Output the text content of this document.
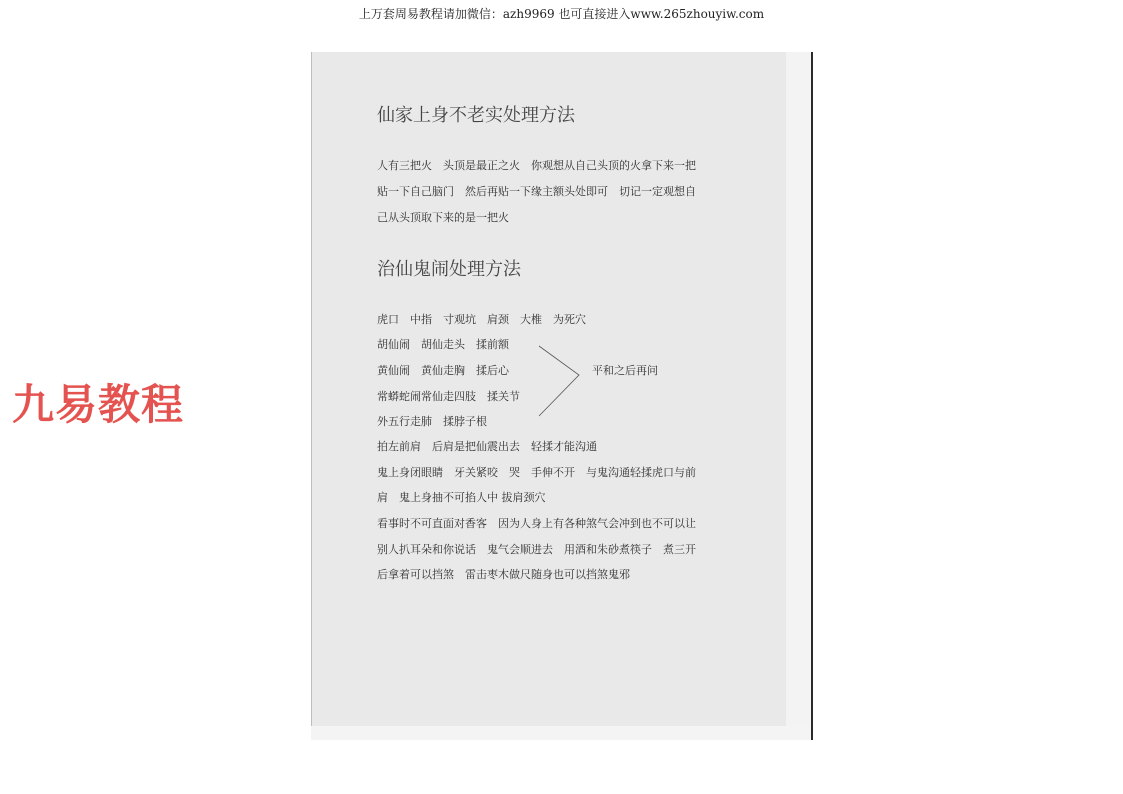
上万套周易教程请加微信：azh9969 也可直接进入www.265zhouyiw.com
九易教程
仙家上身不老实处理方法
人有三把火　头顶是最正之火　你观想从自己头顶的火拿下来一把
贴一下自己脑门　然后再贴一下缘主额头处即可　切记一定观想自
己从头顶取下来的是一把火
治仙鬼闹处理方法
虎口　中指　寸观坑　肩颈　大椎　为死穴
胡仙闹　胡仙走头　揉前额
黄仙闹　黄仙走胸　揉后心
常蟒蛇闹常仙走四肢　揉关节
外五行走肺　揉脖子根
拍左前肩　后肩是把仙震出去　轻揉才能沟通
鬼上身闭眼睛　牙关紧咬　哭　手伸不开　与鬼沟通轻揉虎口与前
肩　鬼上身抽不可掐人中 拔肩颈穴
看事时不可直面对香客　因为人身上有各种煞气会冲到也不可以让
别人扒耳朵和你说话　鬼气会顺进去　用酒和朱砂煮筷子　煮三开
后拿着可以挡煞　雷击枣木做尺随身也可以挡煞鬼邪
平和之后再问
